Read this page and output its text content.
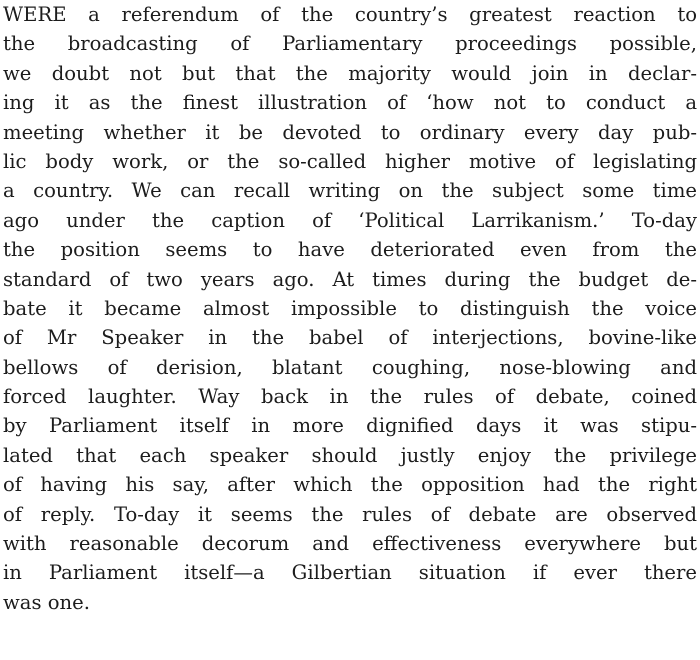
WERE a referendum of the country’s greatest reaction to
the broadcasting of Parliamentary proceedings possible,
we doubt not but that the majority would join in declar-
ing it as the finest illustration of ‘how not to conduct a
meeting whether it be devoted to ordinary every day pub-
lic body work, or the so-called higher motive of legislating
a country. We can recall writing on the subject some time
ago under the caption of ‘Political Larrikanism.’ To-day
the position seems to have deteriorated even from the
standard of two years ago. At times during the budget de-
bate it became almost impossible to distinguish the voice
of Mr Speaker in the babel of interjections, bovine-like
bellows of derision, blatant coughing, nose-blowing and
forced laughter. Way back in the rules of debate, coined
by Parliament itself in more dignified days it was stipu-
lated that each speaker should justly enjoy the privilege
of having his say, after which the opposition had the right
of reply. To-day it seems the rules of debate are observed
with reasonable decorum and effectiveness everywhere but
in Parliament itself—a Gilbertian situation if ever there
was one.
